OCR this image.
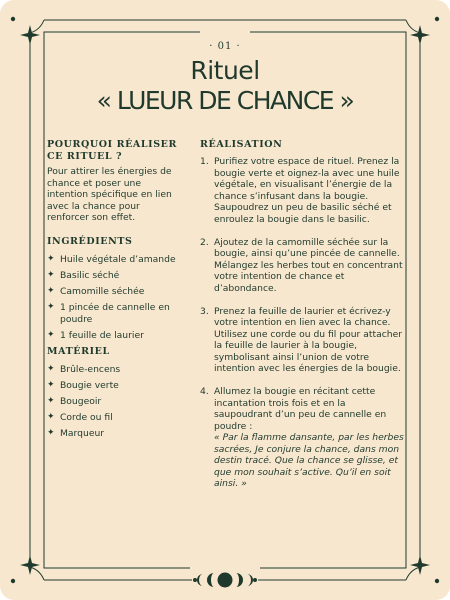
· 01 ·
Rituel
« LUEUR DE CHANCE »
POURQUOI RÉALISER CE RITUEL ?
Pour attirer les énergies de chance et poser une intention spécifique en lien avec la chance pour renforcer son effet.
INGRÉDIENTS
✦ Huile végétale d’amande
✦ Basilic séché
✦ Camomille séchée
✦ 1 pincée de cannelle en poudre
✦ 1 feuille de laurier
MATÉRIEL
✦ Brûle-encens
✦ Bougie verte
✦ Bougeoir
✦ Corde ou fil
✦ Marqueur
RÉALISATION
1. Purifiez votre espace de rituel. Prenez la bougie verte et oignez-la avec une huile végétale, en visualisant l’énergie de la chance s’infusant dans la bougie. Saupoudrez un peu de basilic séché et enroulez la bougie dans le basilic.
2. Ajoutez de la camomille séchée sur la bougie, ainsi qu’une pincée de cannelle. Mélangez les herbes tout en concentrant votre intention de chance et d’abondance.
3. Prenez la feuille de laurier et écrivez-y votre intention en lien avec la chance. Utilisez une corde ou du fil pour attacher la feuille de laurier à la bougie, symbolisant ainsi l’union de votre intention avec les énergies de la bougie.
4. Allumez la bougie en récitant cette incantation trois fois et en la saupoudrant d’un peu de cannelle en poudre :
« Par la flamme dansante, par les herbes sacrées, Je conjure la chance, dans mon destin tracé. Que la chance se glisse, et que mon souhait s’active. Qu’il en soit ainsi. »
